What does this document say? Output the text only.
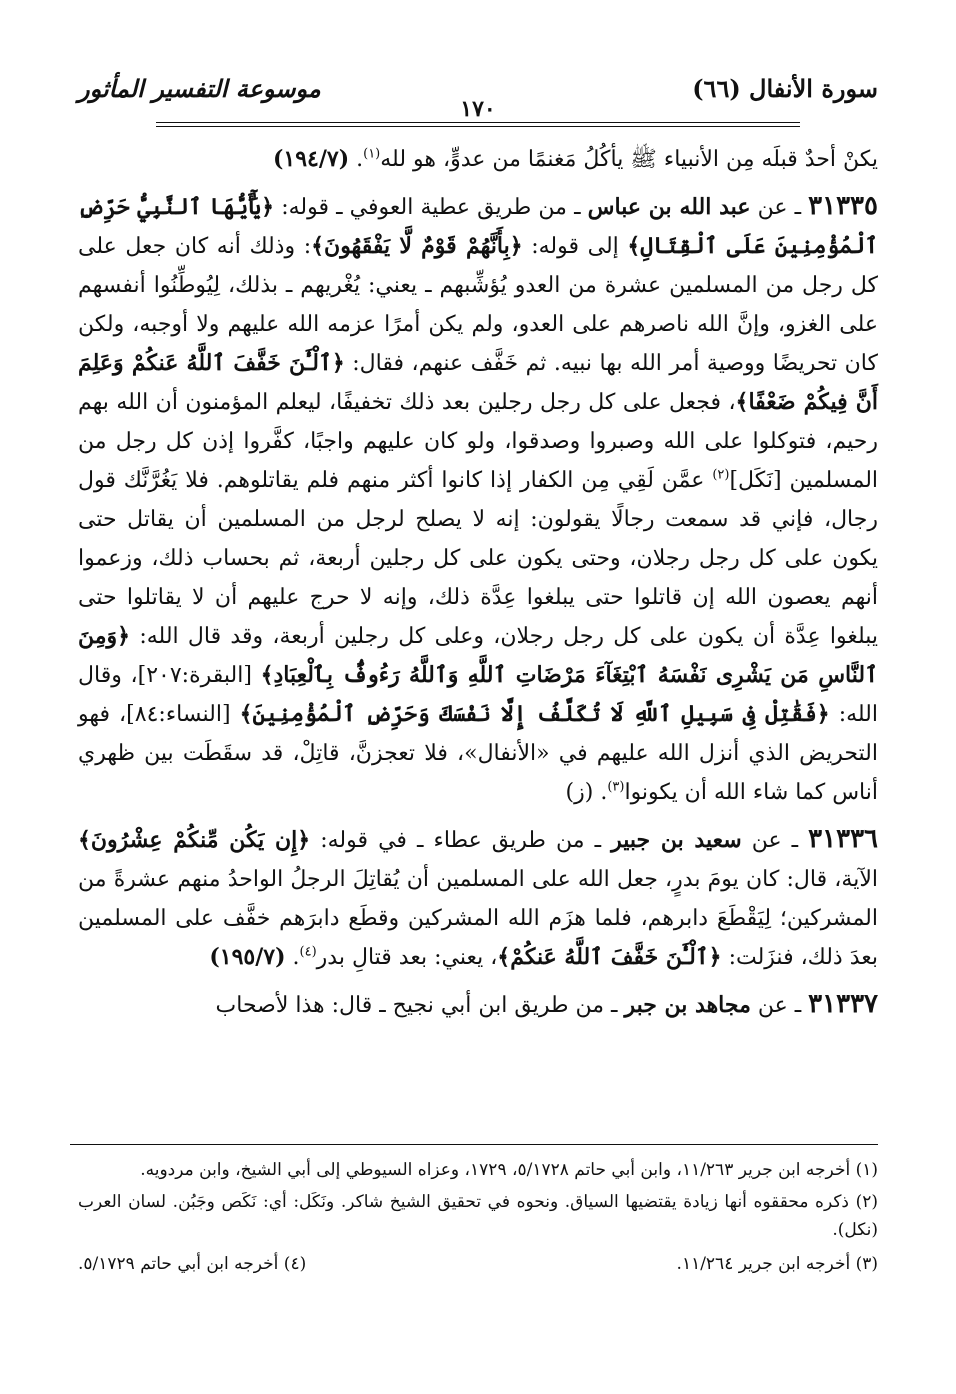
سورة الأنفال (٦٦)
موسوعة التفسير المأثور
١٧٠

يكنْ أحدٌ قبلَه مِن الأنبياء ﷺ يأكُلُ مَغنمًا من عدوٍّ، هو لله$^{(١)}$. (١٩٤/٧)

٣١٣٣٥ ـ عن عبد الله بن عباس ـ من طريق عطية العوفي ـ قوله: ﴿يَٰٓأَيُّهَا ٱلنَّبِيُّ حَرِّضِ ٱلْمُؤْمِنِينَ عَلَى ٱلْقِتَالِ﴾ إلى قوله: ﴿بِأَنَّهُمْ قَوْمٌ لَّا يَفْقَهُونَ﴾: وذلك أنه كان جعل على كل رجل من المسلمين عشرة من العدو يُؤشِّبهم ـ يعني: يُغْريهم ـ بذلك، لِيُوطِّنُوا أنفسهم على الغزو، وإنَّ الله ناصرهم على العدو، ولم يكن أمرًا عزمه الله عليهم ولا أوجبه، ولكن كان تحريضًا ووصية أمر الله بها نبيه. ثم خَفَّف عنهم، فقال: ﴿ٱلْـَٰٔنَ خَفَّفَ ٱللَّهُ عَنكُمْ وَعَلِمَ أَنَّ فِيكُمْ ضَعْفًا﴾، فجعل على كل رجل رجلين بعد ذلك تخفيفًا، ليعلم المؤمنون أن الله بهم رحيم، فتوكلوا على الله وصبروا وصدقوا، ولو كان عليهم واجبًا، كفَّروا إذن كل رجل من المسلمين [نَكَل]$^{(٢)}$ عمَّن لَقِي مِن الكفار إذا كانوا أكثر منهم فلم يقاتلوهم. فلا يَغُرَّنَّك قول رجال، فإني قد سمعت رجالًا يقولون: إنه لا يصلح لرجل من المسلمين أن يقاتل حتى يكون على كل رجل رجلان، وحتى يكون على كل رجلين أربعة، ثم بحساب ذلك، وزعموا أنهم يعصون الله إن قاتلوا حتى يبلغوا عِدَّة ذلك، وإنه لا حرج عليهم أن لا يقاتلوا حتى يبلغوا عِدَّة أن يكون على كل رجل رجلان، وعلى كل رجلين أربعة، وقد قال الله: ﴿وَمِنَ ٱلنَّاسِ مَن يَشْرِى نَفْسَهُ ٱبْتِغَآءَ مَرْضَاتِ ٱللَّهِ وَٱللَّهُ رَءُوفٌۢ بِٱلْعِبَادِ﴾ [البقرة:٢٠٧]، وقال الله: ﴿فَقَٰتِلْ فِى سَبِيلِ ٱللَّهِ لَا تُكَلَّفُ إِلَّا نَفْسَكَ وَحَرِّضِ ٱلْمُؤْمِنِينَ﴾ [النساء:٨٤]، فهو التحريض الذي أنزل الله عليهم في «الأنفال»، فلا تعجزنَّ، قاتِلْ، قد سقَطَت بين ظهري أناس كما شاء الله أن يكونوا$^{(٣)}$. (ز)

٣١٣٣٦ ـ عن سعيد بن جبير ـ من طريق عطاء ـ في قوله: ﴿إِن يَكُن مِّنكُمْ عِشْرُونَ﴾ الآية، قال: كان يومَ بدرٍ، جعل الله على المسلمين أن يُقاتِلَ الرجلُ الواحدُ منهم عشرةً من المشركين؛ لِيَقْطَعَ دابرهم، فلما هزَم الله المشركين وقطَع دابرَهم خفَّف على المسلمين بعدَ ذلك، فنزَلت: ﴿ٱلْـَٰٔنَ خَفَّفَ ٱللَّهُ عَنكُمْ﴾، يعني: بعد قتالِ بدر$^{(٤)}$. (١٩٥/٧)

٣١٣٣٧ ـ عن مجاهد بن جبر ـ من طريق ابن أبي نجيح ـ قال: هذا لأصحاب

(١) أخرجه ابن جرير ١١/٢٦٣، وابن أبي حاتم ٥/١٧٢٨، ١٧٢٩، وعزاه السيوطي إلى أبي الشيخ، وابن مردويه.

(٢) ذكره محققوه أنها زيادة يقتضيها السياق. ونحوه في تحقيق الشيخ شاكر. ونَكَل: أي: نَكَص وجَبُن. لسان العرب (نكل).

(٣) أخرجه ابن جرير ١١/٢٦٤.
(٤) أخرجه ابن أبي حاتم ٥/١٧٢٩.
